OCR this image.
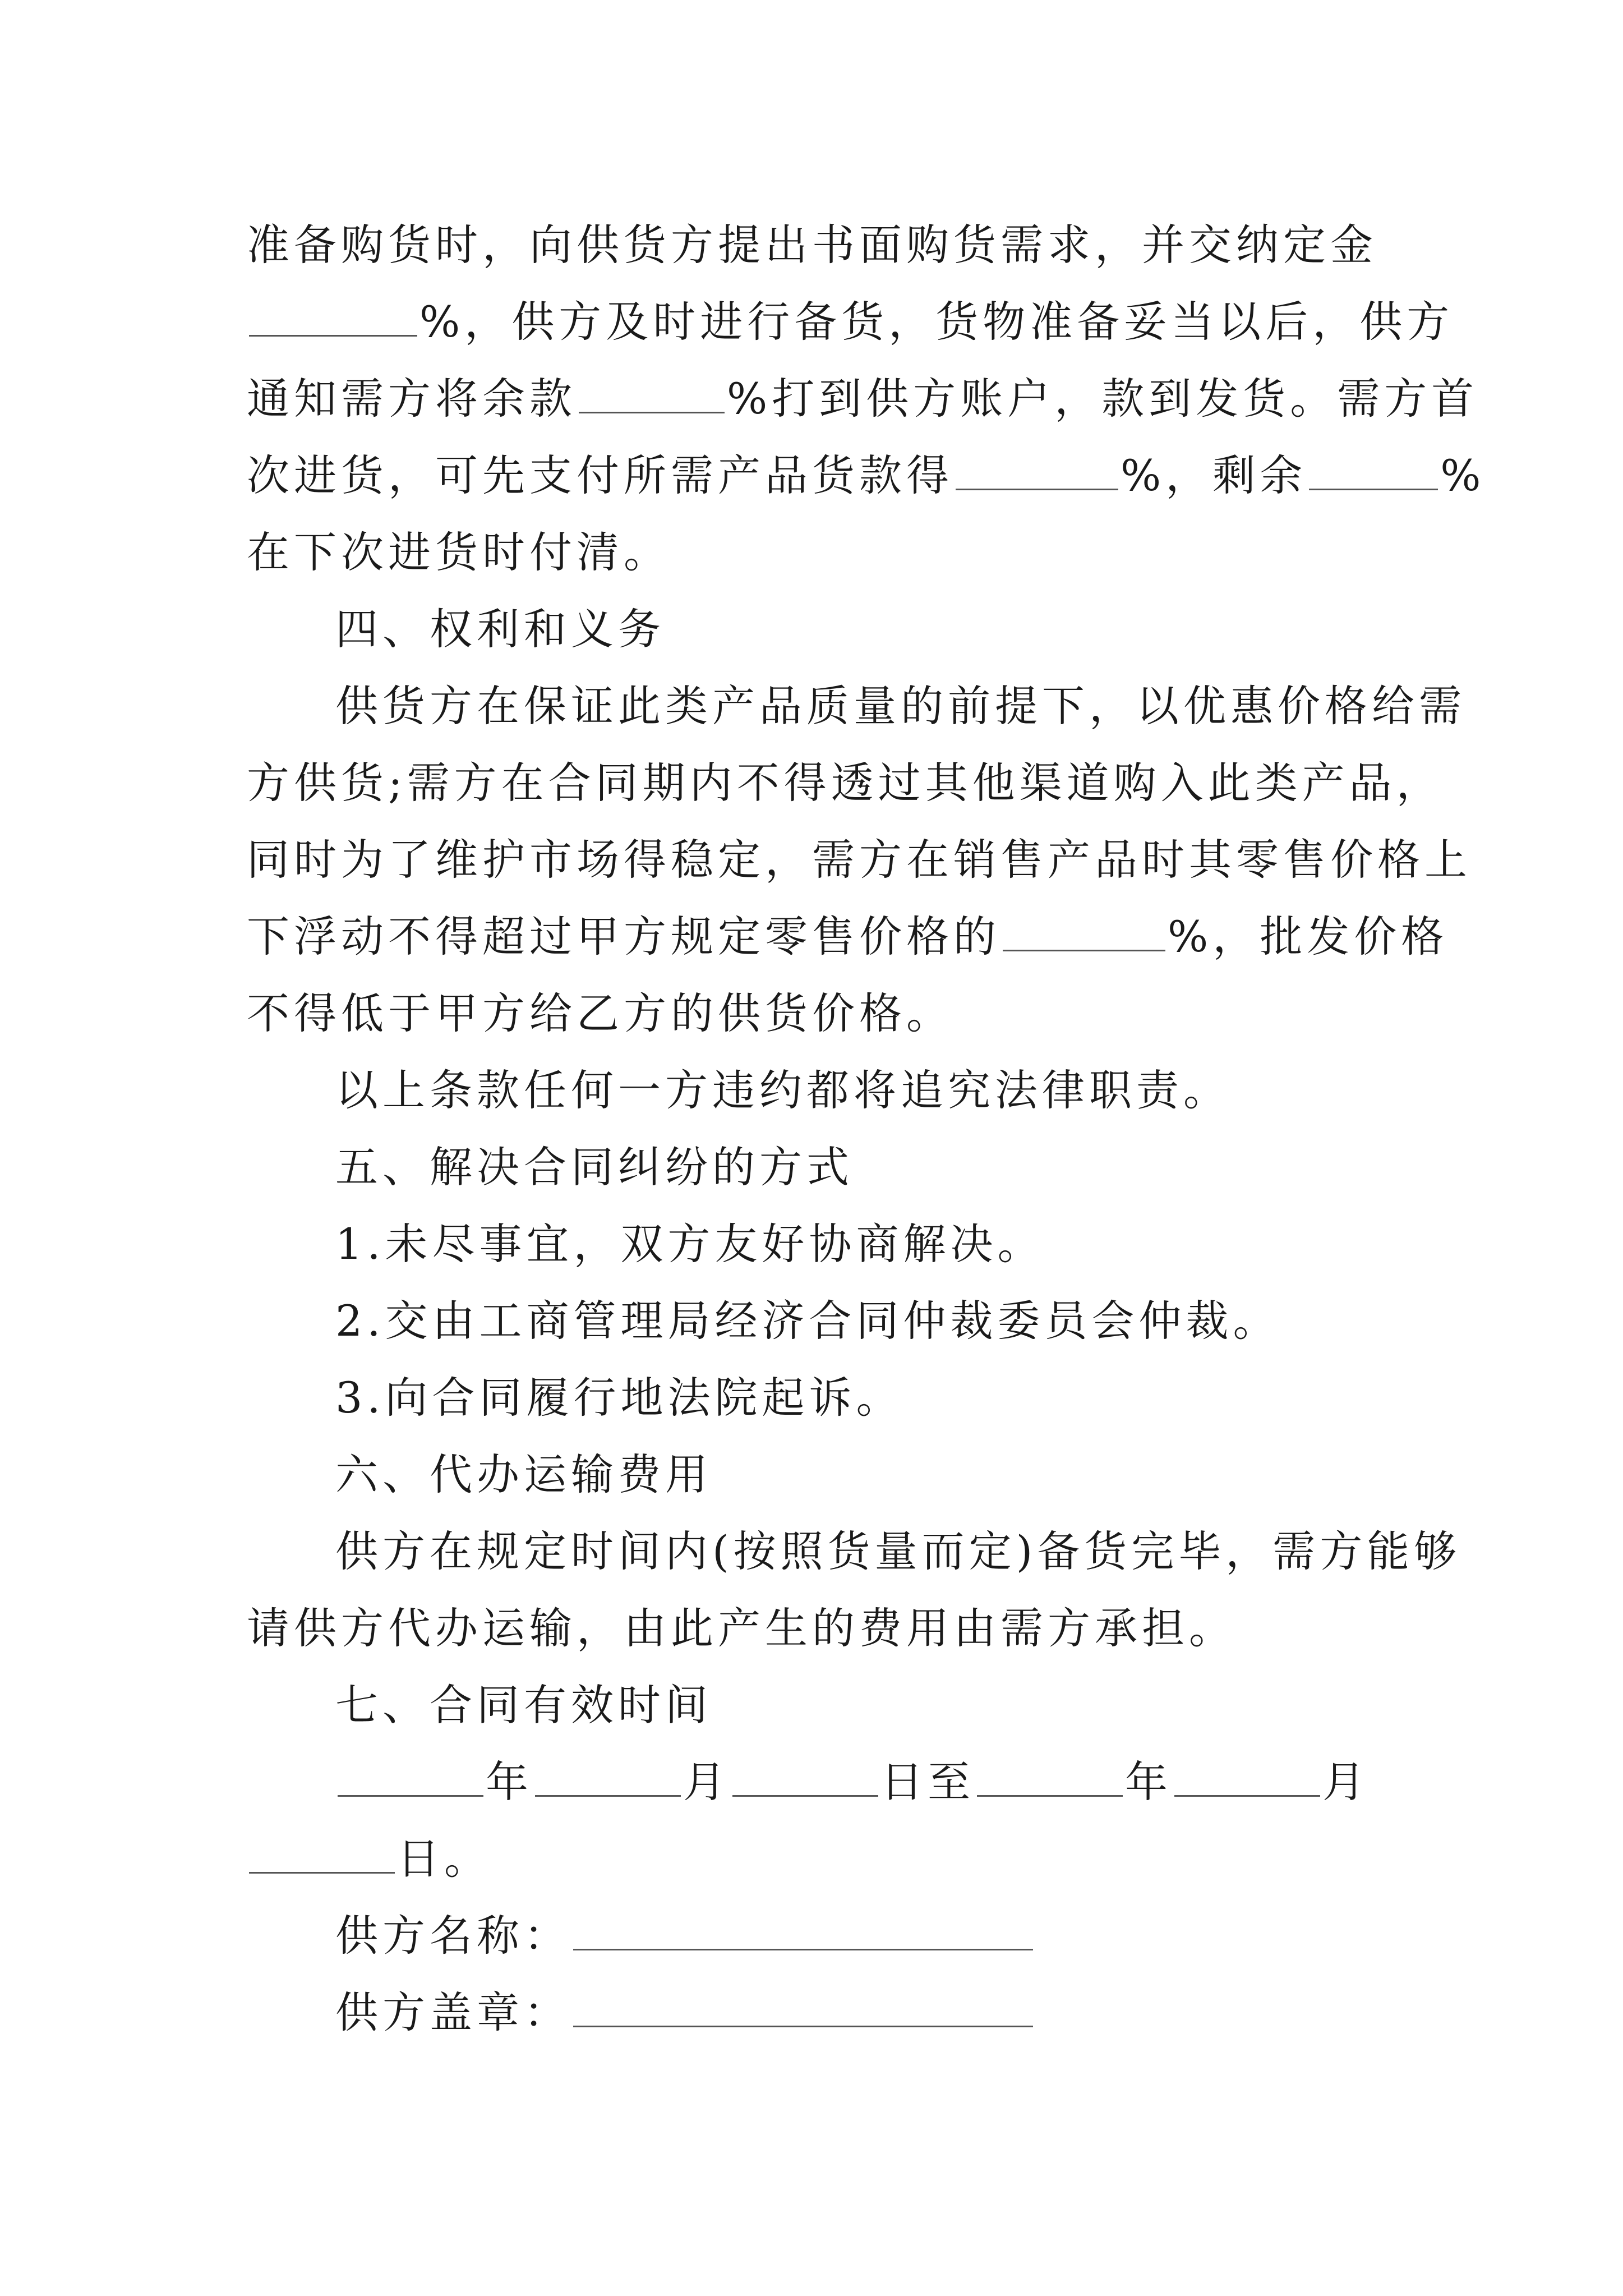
准备购货时，向供货方提出书面购货需求，并交纳定金
%，供方及时进行备货，货物准备妥当以后，供方
通知需方将余款	%打到供方账户，款到发货。需方首
次进货，可先支付所需产品货款得	%，剩余	%
在下次进货时付清。
四、权利和义务
供货方在保证此类产品质量的前提下，以优惠价格给需
方供货;需方在合同期内不得透过其他渠道购入此类产品，
同时为了维护市场得稳定，需方在销售产品时其零售价格上
下浮动不得超过甲方规定零售价格的	%，批发价格
不得低于甲方给乙方的供货价格。
以上条款任何一方违约都将追究法律职责。
五、解决合同纠纷的方式
1.未尽事宜，双方友好协商解决。
2.交由工商管理局经济合同仲裁委员会仲裁。
3.向合同履行地法院起诉。
六、代办运输费用
供方在规定时间内(按照货量而定)备货完毕，需方能够
请供方代办运输，由此产生的费用由需方承担。
七、合同有效时间
年	月	日至	年	月
日。
供方名称：
供方盖章：
